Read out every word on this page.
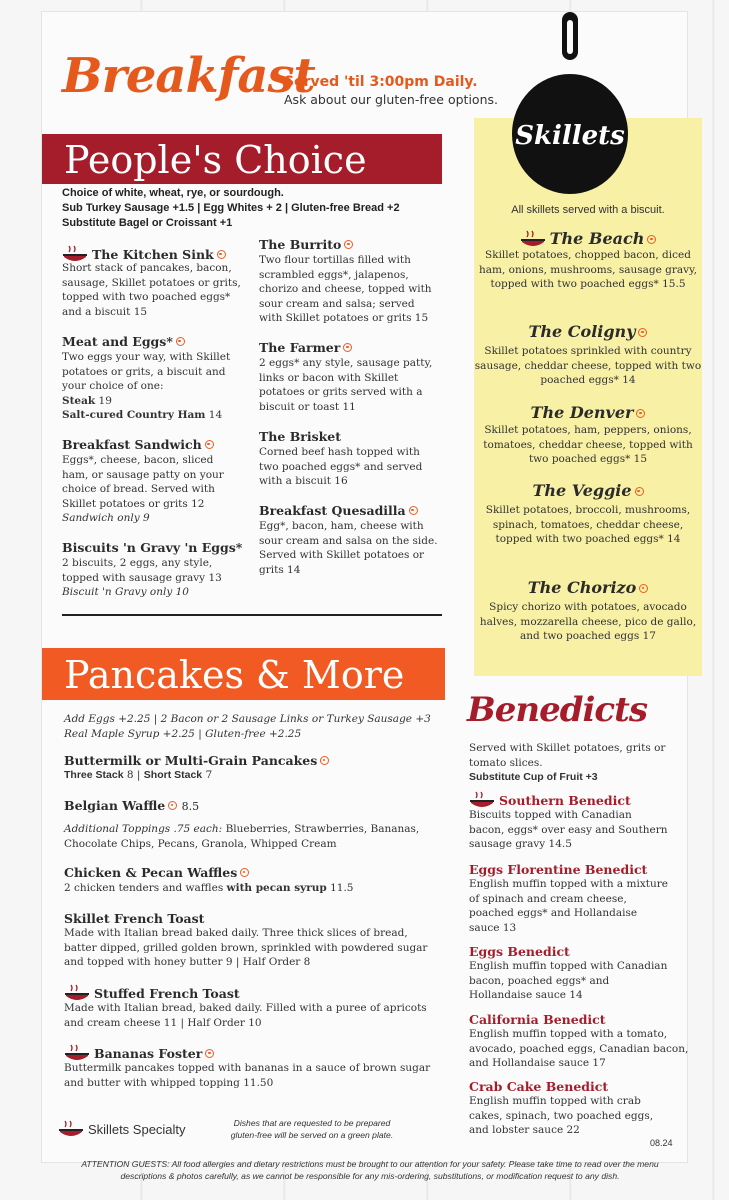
Breakfast
Served 'til 3:00pm Daily.
Ask about our gluten-free options.
Skillets
All skillets served with a biscuit.
The Beach
Skillet potatoes, chopped bacon, diced ham, onions, mushrooms, sausage gravy, topped with two poached eggs* 15.5
The Coligny
Skillet potatoes sprinkled with country sausage, cheddar cheese, topped with two poached eggs* 14
The Denver
Skillet potatoes, ham, peppers, onions, tomatoes, cheddar cheese, topped with two poached eggs* 15
The Veggie
Skillet potatoes, broccoli, mushrooms, spinach, tomatoes, cheddar cheese, topped with two poached eggs* 14
The Chorizo
Spicy chorizo with potatoes, avocado halves, mozzarella cheese, pico de gallo, and two poached eggs 17
People's Choice
Choice of white, wheat, rye, or sourdough.
Sub Turkey Sausage +1.5 | Egg Whites + 2 | Gluten-free Bread +2
Substitute Bagel or Croissant +1
The Kitchen Sink
Short stack of pancakes, bacon, sausage, Skillet potatoes or grits, topped with two poached eggs* and a biscuit 15
Meat and Eggs*
Two eggs your way, with Skillet potatoes or grits, a biscuit and your choice of one:
Steak 19
Salt-cured Country Ham 14
Breakfast Sandwich
Eggs*, cheese, bacon, sliced ham, or sausage patty on your choice of bread. Served with Skillet potatoes or grits 12
Sandwich only 9
Biscuits 'n Gravy 'n Eggs*
2 biscuits, 2 eggs, any style, topped with sausage gravy 13
Biscuit 'n Gravy only 10
The Burrito
Two flour tortillas filled with scrambled eggs*, jalapenos, chorizo and cheese, topped with sour cream and salsa; served with Skillet potatoes or grits 15
The Farmer
2 eggs* any style, sausage patty, links or bacon with Skillet potatoes or grits served with a biscuit or toast 11
The Brisket
Corned beef hash topped with two poached eggs* and served with a biscuit 16
Breakfast Quesadilla
Egg*, bacon, ham, cheese with sour cream and salsa on the side. Served with Skillet potatoes or grits 14
Pancakes & More
Add Eggs +2.25 | 2 Bacon or 2 Sausage Links or Turkey Sausage +3
Real Maple Syrup +2.25 | Gluten-free +2.25
Buttermilk or Multi-Grain Pancakes
Three Stack 8 | Short Stack 7
Belgian Waffle 8.5
Additional Toppings .75 each: Blueberries, Strawberries, Bananas, Chocolate Chips, Pecans, Granola, Whipped Cream
Chicken & Pecan Waffles
2 chicken tenders and waffles with pecan syrup 11.5
Skillet French Toast
Made with Italian bread baked daily. Three thick slices of bread, batter dipped, grilled golden brown, sprinkled with powdered sugar and topped with honey butter 9 | Half Order 8
Stuffed French Toast
Made with Italian bread, baked daily. Filled with a puree of apricots and cream cheese 11 | Half Order 10
Bananas Foster
Buttermilk pancakes topped with bananas in a sauce of brown sugar and butter with whipped topping 11.50
Benedicts
Served with Skillet potatoes, grits or tomato slices.
Substitute Cup of Fruit +3
Southern Benedict
Biscuits topped with Canadian bacon, eggs* over easy and Southern sausage gravy 14.5
Eggs Florentine Benedict
English muffin topped with a mixture of spinach and cream cheese, poached eggs* and Hollandaise sauce 13
Eggs Benedict
English muffin topped with Canadian bacon, poached eggs* and Hollandaise sauce 14
California Benedict
English muffin topped with a tomato, avocado, poached eggs, Canadian bacon, and Hollandaise sauce 17
Crab Cake Benedict
English muffin topped with crab cakes, spinach, two poached eggs, and lobster sauce 22
Skillets Specialty	Dishes that are requested to be prepared gluten-free will be served on a green plate.
08.24
ATTENTION GUESTS: All food allergies and dietary restrictions must be brought to our attention for your safety. Please take time to read over the menu descriptions & photos carefully, as we cannot be responsible for any mis-ordering, substitutions, or modification request to any dish.
